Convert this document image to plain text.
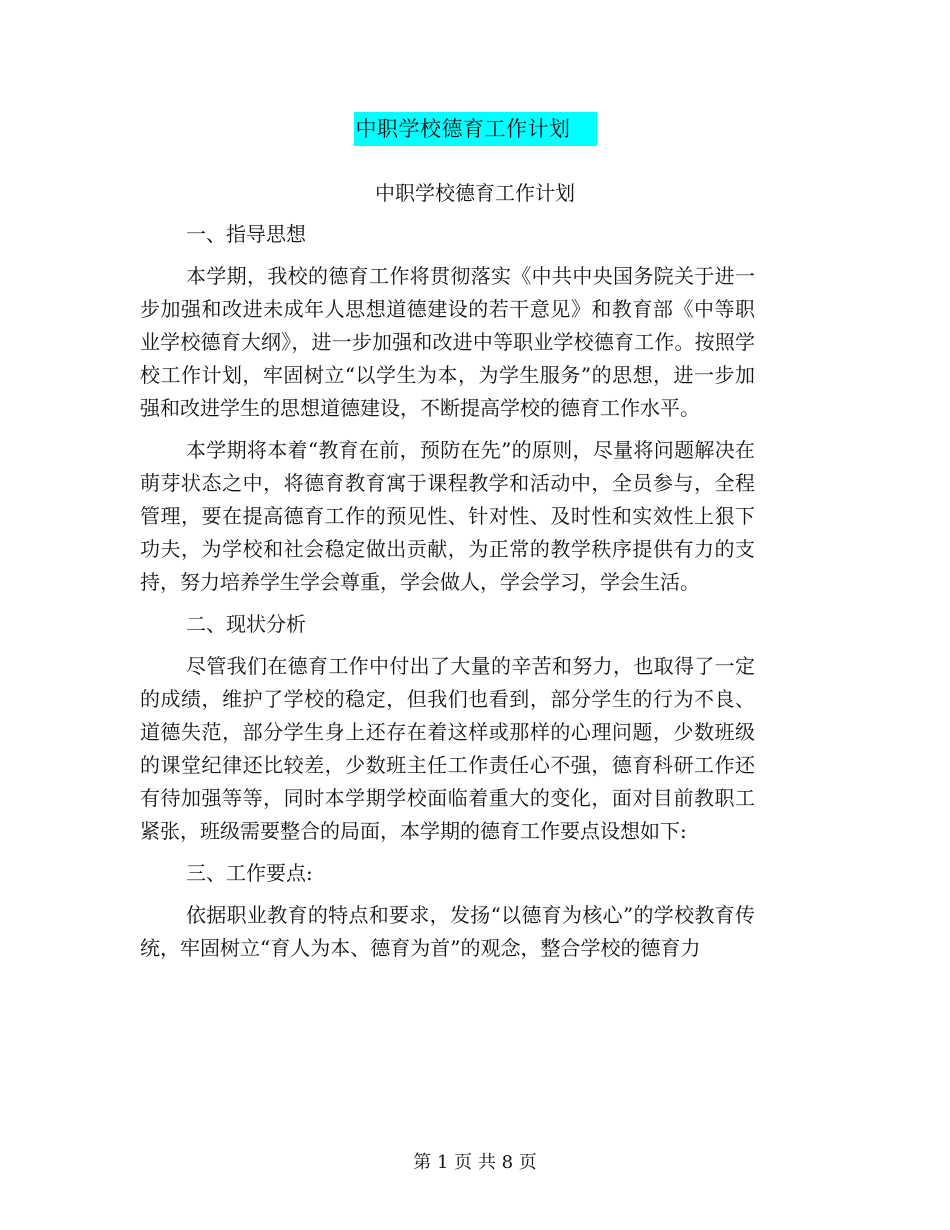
中职学校德育工作计划
中职学校德育工作计划

一、指导思想

本学期，我校的德育工作将贯彻落实《中共中央国务院关于进一步加强和改进未成年人思想道德建设的若干意见》和教育部《中等职业学校德育大纲》，进一步加强和改进中等职业学校德育工作。按照学校工作计划，牢固树立“以学生为本，为学生服务”的思想，进一步加强和改进学生的思想道德建设，不断提高学校的德育工作水平。

本学期将本着“教育在前，预防在先”的原则，尽量将问题解决在萌芽状态之中，将德育教育寓于课程教学和活动中，全员参与，全程管理，要在提高德育工作的预见性、针对性、及时性和实效性上狠下功夫，为学校和社会稳定做出贡献，为正常的教学秩序提供有力的支持，努力培养学生学会尊重，学会做人，学会学习，学会生活。

二、现状分析

尽管我们在德育工作中付出了大量的辛苦和努力，也取得了一定的成绩，维护了学校的稳定，但我们也看到，部分学生的行为不良、道德失范，部分学生身上还存在着这样或那样的心理问题，少数班级的课堂纪律还比较差，少数班主任工作责任心不强，德育科研工作还有待加强等等，同时本学期学校面临着重大的变化，面对目前教职工紧张，班级需要整合的局面，本学期的德育工作要点设想如下:

三、工作要点:

依据职业教育的特点和要求，发扬“以德育为核心”的学校教育传统，牢固树立“育人为本、德育为首”的观念，整合学校的德育力

第 1 页 共 8 页
